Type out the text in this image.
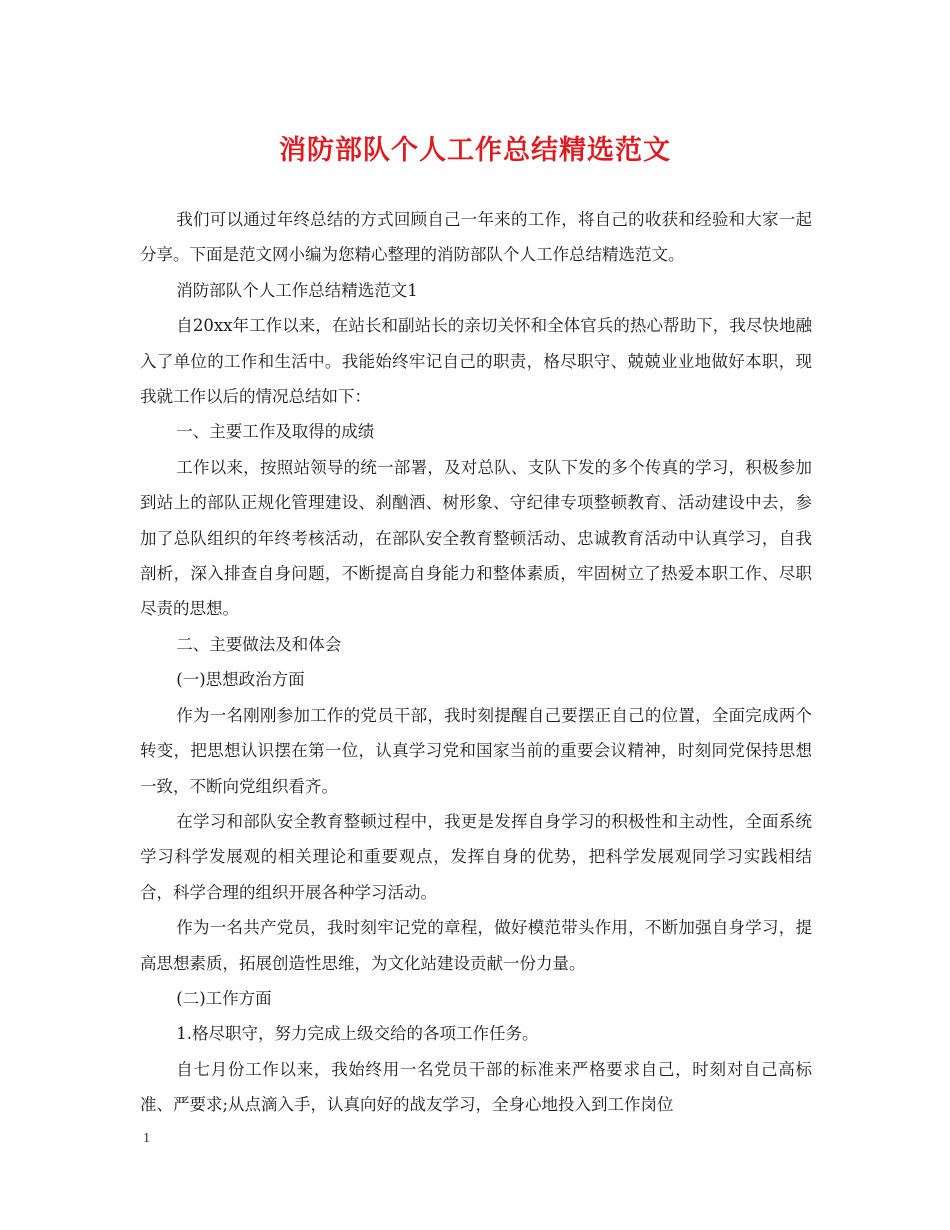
消防部队个人工作总结精选范文

我们可以通过年终总结的方式回顾自己一年来的工作，将自己的收获和经验和大家一起分享。下面是范文网小编为您精心整理的消防部队个人工作总结精选范文。

消防部队个人工作总结精选范文1

自20xx年工作以来，在站长和副站长的亲切关怀和全体官兵的热心帮助下，我尽快地融入了单位的工作和生活中。我能始终牢记自己的职责，格尽职守、兢兢业业地做好本职，现我就工作以后的情况总结如下：

一、主要工作及取得的成绩

工作以来，按照站领导的统一部署，及对总队、支队下发的多个传真的学习，积极参加到站上的部队正规化管理建设、刹酗酒、树形象、守纪律专项整顿教育、活动建设中去，参加了总队组织的年终考核活动，在部队安全教育整顿活动、忠诚教育活动中认真学习，自我剖析，深入排查自身问题，不断提高自身能力和整体素质，牢固树立了热爱本职工作、尽职尽责的思想。

二、主要做法及和体会

(一)思想政治方面

作为一名刚刚参加工作的党员干部，我时刻提醒自己要摆正自己的位置，全面完成两个转变，把思想认识摆在第一位，认真学习党和国家当前的重要会议精神，时刻同党保持思想一致，不断向党组织看齐。

在学习和部队安全教育整顿过程中，我更是发挥自身学习的积极性和主动性，全面系统学习科学发展观的相关理论和重要观点，发挥自身的优势，把科学发展观同学习实践相结合，科学合理的组织开展各种学习活动。

作为一名共产党员，我时刻牢记党的章程，做好模范带头作用，不断加强自身学习，提高思想素质，拓展创造性思维，为文化站建设贡献一份力量。

(二)工作方面

1.格尽职守，努力完成上级交给的各项工作任务。

自七月份工作以来，我始终用一名党员干部的标准来严格要求自己，时刻对自己高标准、严要求;从点滴入手，认真向好的战友学习，全身心地投入到工作岗位

1
